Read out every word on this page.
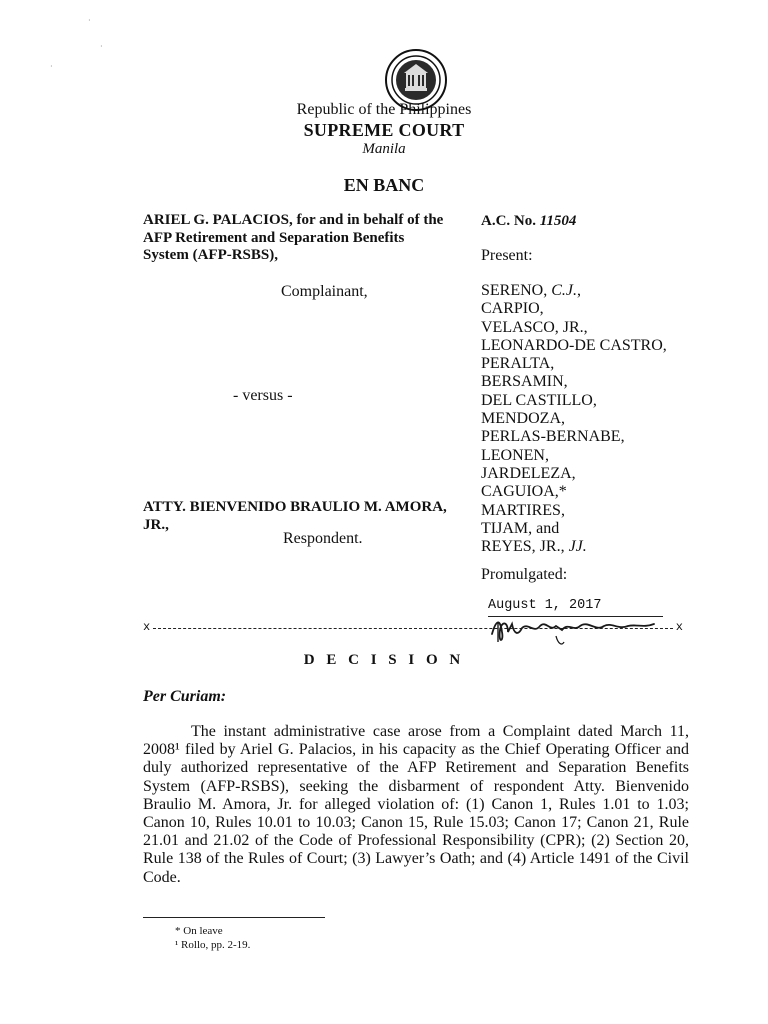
·
·
·
Republic of the Philippines
SUPREME COURT
Manila
EN BANC
ARIEL G. PALACIOS, for and in behalf of the AFP Retirement and Separation Benefits System (AFP-RSBS),
Complainant,
- versus -
ATTY. BIENVENIDO BRAULIO M. AMORA, JR.,
Respondent.
A.C. No. 11504
Present:
SERENO, C.J.,
CARPIO,
VELASCO, JR.,
LEONARDO-DE CASTRO,
PERALTA,
BERSAMIN,
DEL CASTILLO,
MENDOZA,
PERLAS-BERNABE,
LEONEN,
JARDELEZA,
CAGUIOA,*
MARTIRES,
TIJAM, and
REYES, JR., JJ.
Promulgated:
August 1, 2017
x	x
D E C I S I O N
Per Curiam:

The instant administrative case arose from a Complaint dated March 11, 2008¹ filed by Ariel G. Palacios, in his capacity as the Chief Operating Officer and duly authorized representative of the AFP Retirement and Separation Benefits System (AFP-RSBS), seeking the disbarment of respondent Atty. Bienvenido Braulio M. Amora, Jr. for alleged violation of: (1) Canon 1, Rules 1.01 to 1.03; Canon 10, Rules 10.01 to 10.03; Canon 15, Rule 15.03; Canon 17; Canon 21, Rule 21.01 and 21.02 of the Code of Professional Responsibility (CPR); (2) Section 20, Rule 138 of the Rules of Court; (3) Lawyer’s Oath; and (4) Article 1491 of the Civil Code.

* On leave
¹ Rollo, pp. 2-19.
